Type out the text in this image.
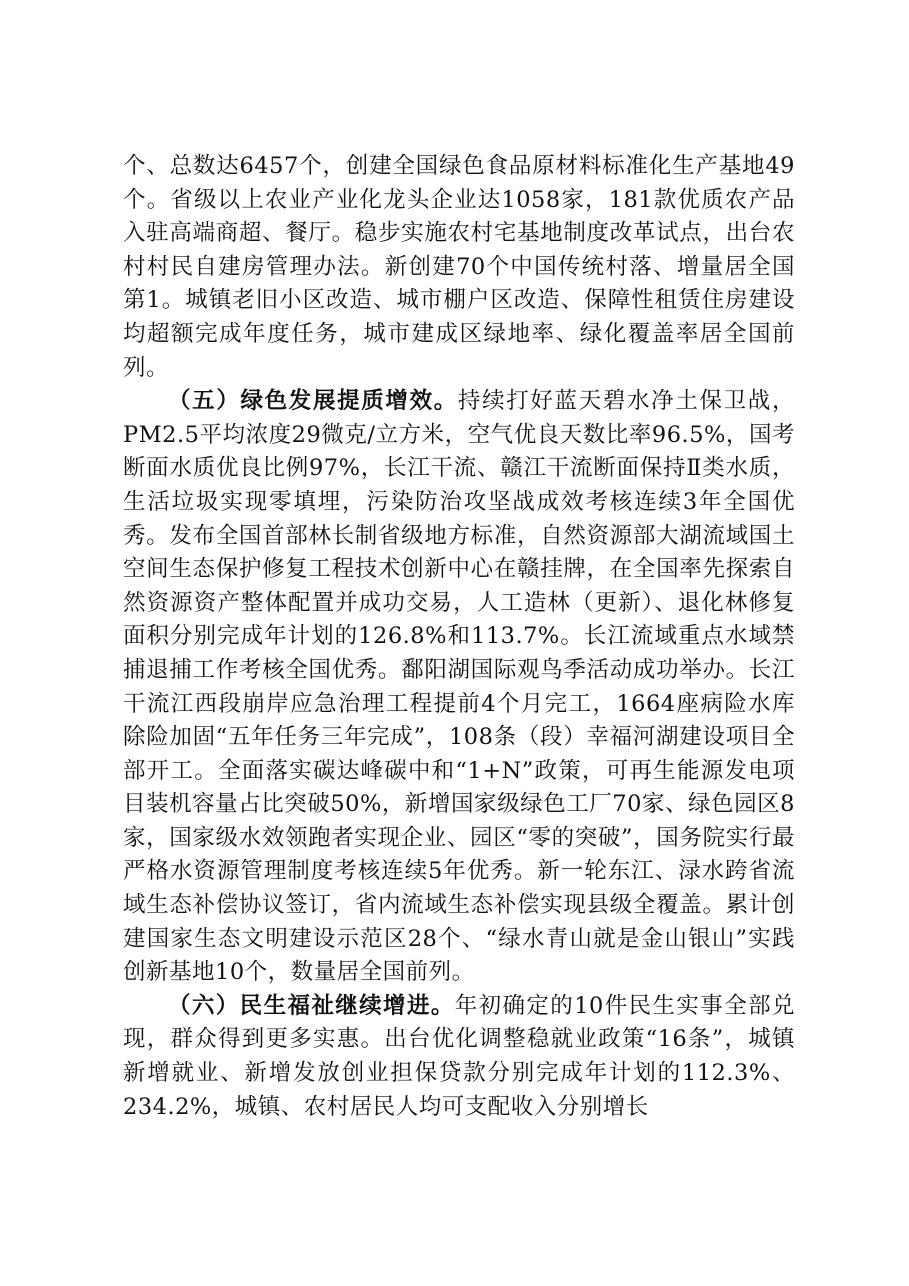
个、总数达6457个，创建全国绿色食品原材料标准化生产基地49个。省级以上农业产业化龙头企业达1058家，181款优质农产品入驻高端商超、餐厅。稳步实施农村宅基地制度改革试点，出台农村村民自建房管理办法。新创建70个中国传统村落、增量居全国第1。城镇老旧小区改造、城市棚户区改造、保障性租赁住房建设均超额完成年度任务，城市建成区绿地率、绿化覆盖率居全国前列。

（五）绿色发展提质增效。持续打好蓝天碧水净土保卫战，PM2.5平均浓度29微克/立方米，空气优良天数比率96.5%，国考断面水质优良比例97%，长江干流、赣江干流断面保持Ⅱ类水质，生活垃圾实现零填埋，污染防治攻坚战成效考核连续3年全国优秀。发布全国首部林长制省级地方标准，自然资源部大湖流域国土空间生态保护修复工程技术创新中心在赣挂牌，在全国率先探索自然资源资产整体配置并成功交易，人工造林（更新）、退化林修复面积分别完成年计划的126.8%和113.7%。长江流域重点水域禁捕退捕工作考核全国优秀。鄱阳湖国际观鸟季活动成功举办。长江干流江西段崩岸应急治理工程提前4个月完工，1664座病险水库除险加固“五年任务三年完成”，108条（段）幸福河湖建设项目全部开工。全面落实碳达峰碳中和“1+N”政策，可再生能源发电项目装机容量占比突破50%，新增国家级绿色工厂70家、绿色园区8家，国家级水效领跑者实现企业、园区“零的突破”，国务院实行最严格水资源管理制度考核连续5年优秀。新一轮东江、渌水跨省流域生态补偿协议签订，省内流域生态补偿实现县级全覆盖。累计创建国家生态文明建设示范区28个、“绿水青山就是金山银山”实践创新基地10个，数量居全国前列。

（六）民生福祉继续增进。年初确定的10件民生实事全部兑现，群众得到更多实惠。出台优化调整稳就业政策“16条”，城镇新增就业、新增发放创业担保贷款分别完成年计划的112.3%、234.2%，城镇、农村居民人均可支配收入分别增长
